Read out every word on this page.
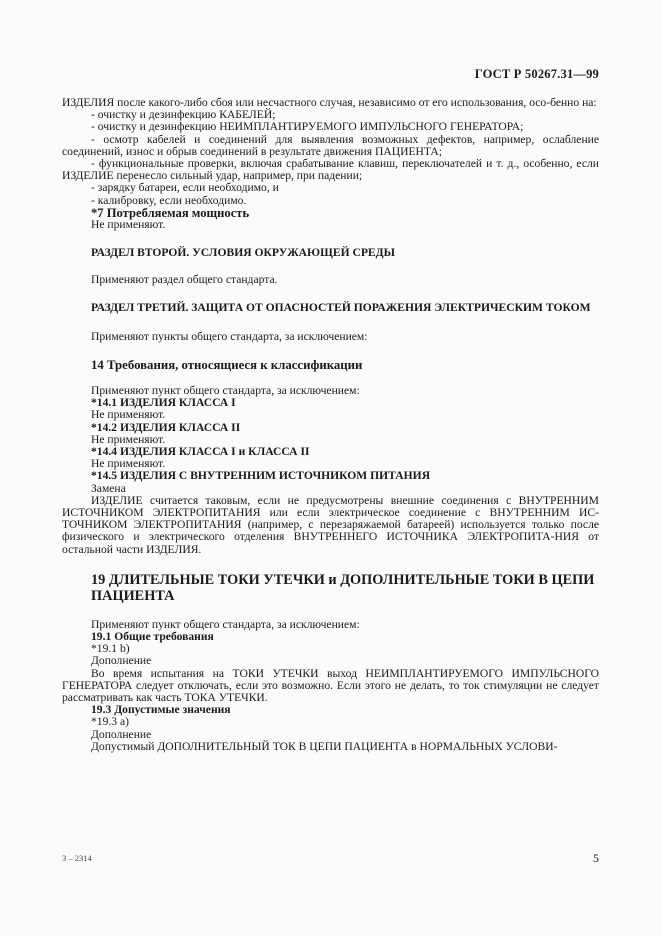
ГОСТ Р 50267.31—99

ИЗДЕЛИЯ после какого-либо сбоя или несчастного случая, независимо от его использования, осо-бенно на:

- очистку и дезинфекцию КАБЕЛЕЙ;

- очистку и дезинфекцию НЕИМПЛАНТИРУЕМОГО ИМПУЛЬСНОГО ГЕНЕРАТОРА;

- осмотр кабелей и соединений для выявления возможных дефектов, например, ослабление соединений, износ и обрыв соединений в результате движения ПАЦИЕНТА;

- функциональные проверки, включая срабатывание клавиш, переключателей и т. д., особенно, если ИЗДЕЛИЕ перенесло сильный удар, например, при падении;

- зарядку батареи, если необходимо, и

- калибровку, если необходимо.

*7 Потребляемая мощность

Не применяют.

РАЗДЕЛ ВТОРОЙ. УСЛОВИЯ ОКРУЖАЮЩЕЙ СРЕДЫ

Применяют раздел общего стандарта.

РАЗДЕЛ ТРЕТИЙ. ЗАЩИТА ОТ ОПАСНОСТЕЙ ПОРАЖЕНИЯ ЭЛЕКТРИЧЕСКИМ ТОКОМ

Применяют пункты общего стандарта, за исключением:

14 Требования, относящиеся к классификации

Применяют пункт общего стандарта, за исключением:

*14.1 ИЗДЕЛИЯ КЛАССА I

Не применяют.

*14.2 ИЗДЕЛИЯ КЛАССА II

Не применяют.

*14.4 ИЗДЕЛИЯ КЛАССА I и КЛАССА II

Не применяют.

*14.5 ИЗДЕЛИЯ С ВНУТРЕННИМ ИСТОЧНИКОМ ПИТАНИЯ

Замена

ИЗДЕЛИЕ считается таковым, если не предусмотрены внешние соединения с ВНУТРЕННИМ ИСТОЧНИКОМ ЭЛЕКТРОПИТАНИЯ или если электрическое соединение с ВНУТРЕННИМ ИС-ТОЧНИКОМ ЭЛЕКТРОПИТАНИЯ (например, с перезаряжаемой батареей) используется только после физического и электрического отделения ВНУТРЕННЕГО ИСТОЧНИКА ЭЛЕКТРОПИТА-НИЯ от остальной части ИЗДЕЛИЯ.

19 ДЛИТЕЛЬНЫЕ ТОКИ УТЕЧКИ и ДОПОЛНИТЕЛЬНЫЕ ТОКИ В ЦЕПИ ПАЦИЕНТА

Применяют пункт общего стандарта, за исключением:

19.1 Общие требования

*19.1 b)

Дополнение

Во время испытания на ТОКИ УТЕЧКИ выход НЕИМПЛАНТИРУЕМОГО ИМПУЛЬСНОГО ГЕНЕРАТОРА следует отключать, если это возможно. Если этого не делать, то ток стимуляции не следует рассматривать как часть ТОКА УТЕЧКИ.

19.3 Допустимые значения

*19.3 a)

Дополнение

Допустимый ДОПОЛНИТЕЛЬНЫЙ ТОК В ЦЕПИ ПАЦИЕНТА в НОРМАЛЬНЫХ УСЛОВИ-

3 – 2314	5
